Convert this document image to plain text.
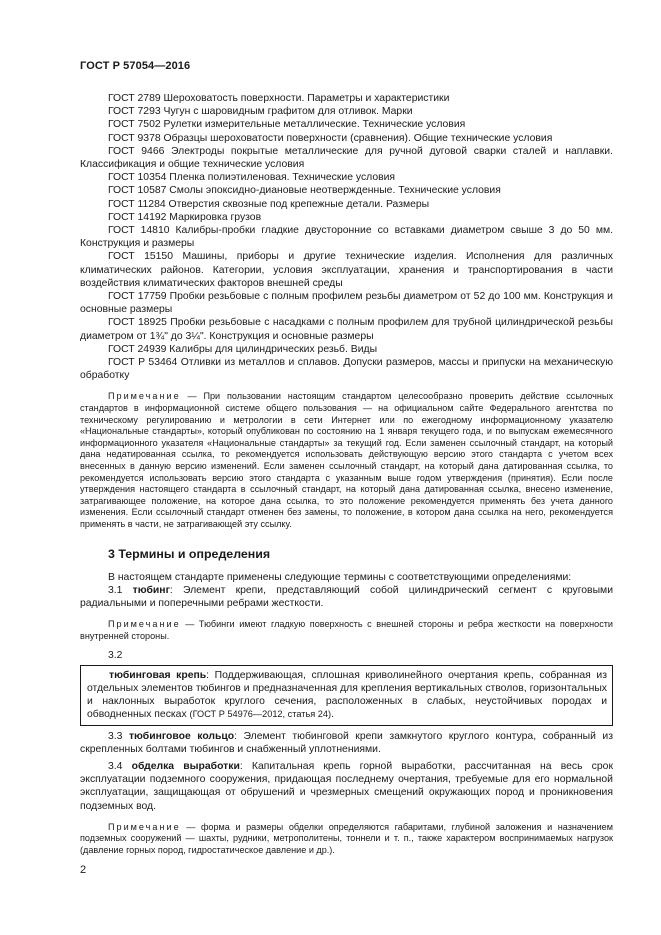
ГОСТ Р 57054—2016

ГОСТ 2789 Шероховатость поверхности. Параметры и характеристики

ГОСТ 7293 Чугун с шаровидным графитом для отливок. Марки

ГОСТ 7502 Рулетки измерительные металлические. Технические условия

ГОСТ 9378 Образцы шероховатости поверхности (сравнения). Общие технические условия

ГОСТ 9466 Электроды покрытые металлические для ручной дуговой сварки сталей и наплавки. Классификация и общие технические условия

ГОСТ 10354 Пленка полиэтиленовая. Технические условия

ГОСТ 10587 Смолы эпоксидно-диановые неотвержденные. Технические условия

ГОСТ 11284 Отверстия сквозные под крепежные детали. Размеры

ГОСТ 14192 Маркировка грузов

ГОСТ 14810 Калибры-пробки гладкие двусторонние со вставками диаметром свыше 3 до 50 мм. Конструкция и размеры

ГОСТ 15150 Машины, приборы и другие технические изделия. Исполнения для различных климатических районов. Категории, условия эксплуатации, хранения и транспортирования в части воздействия климатических факторов внешней среды

ГОСТ 17759 Пробки резьбовые с полным профилем резьбы диаметром от 52 до 100 мм. Конструкция и основные размеры

ГОСТ 18925 Пробки резьбовые с насадками с полным профилем для трубной цилиндрической резьбы диаметром от 1¾" до 3¼". Конструкция и основные размеры

ГОСТ 24939 Калибры для цилиндрических резьб. Виды

ГОСТ Р 53464 Отливки из металлов и сплавов. Допуски размеров, массы и припуски на механическую обработку

Примечание — При пользовании настоящим стандартом целесообразно проверить действие ссылочных стандартов в информационной системе общего пользования — на официальном сайте Федерального агентства по техническому регулированию и метрологии в сети Интернет или по ежегодному информационному указателю «Национальные стандарты», который опубликован по состоянию на 1 января текущего года, и по выпускам ежемесячного информационного указателя «Национальные стандарты» за текущий год. Если заменен ссылочный стандарт, на который дана недатированная ссылка, то рекомендуется использовать действующую версию этого стандарта с учетом всех внесенных в данную версию изменений. Если заменен ссылочный стандарт, на который дана датированная ссылка, то рекомендуется использовать версию этого стандарта с указанным выше годом утверждения (принятия). Если после утверждения настоящего стандарта в ссылочный стандарт, на который дана датированная ссылка, внесено изменение, затрагивающее положение, на которое дана ссылка, то это положение рекомендуется применять без учета данного изменения. Если ссылочный стандарт отменен без замены, то положение, в котором дана ссылка на него, рекомендуется применять в части, не затрагивающей эту ссылку.

3 Термины и определения

В настоящем стандарте применены следующие термины с соответствующими определениями:

3.1 тюбинг: Элемент крепи, представляющий собой цилиндрический сегмент с круговыми радиальными и поперечными ребрами жесткости.

Примечание — Тюбинги имеют гладкую поверхность с внешней стороны и ребра жесткости на поверхности внутренней стороны.

3.2

тюбинговая крепь: Поддерживающая, сплошная криволинейного очертания крепь, собранная из отдельных элементов тюбингов и предназначенная для крепления вертикальных стволов, горизонтальных и наклонных выработок круглого сечения, расположенных в слабых, неустойчивых породах и обводненных песках (ГОСТ Р 54976—2012, статья 24).

3.3 тюбинговое кольцо: Элемент тюбинговой крепи замкнутого круглого контура, собранный из скрепленных болтами тюбингов и снабженный уплотнениями.

3.4 обделка выработки: Капитальная крепь горной выработки, рассчитанная на весь срок эксплуатации подземного сооружения, придающая последнему очертания, требуемые для его нормальной эксплуатации, защищающая от обрушений и чрезмерных смещений окружающих пород и проникновения подземных вод.

Примечание — форма и размеры обделки определяются габаритами, глубиной заложения и назначением подземных сооружений — шахты, рудники, метрополитены, тоннели и т. п., также характером воспринимаемых нагрузок (давление горных пород, гидростатическое давление и др.).

2
